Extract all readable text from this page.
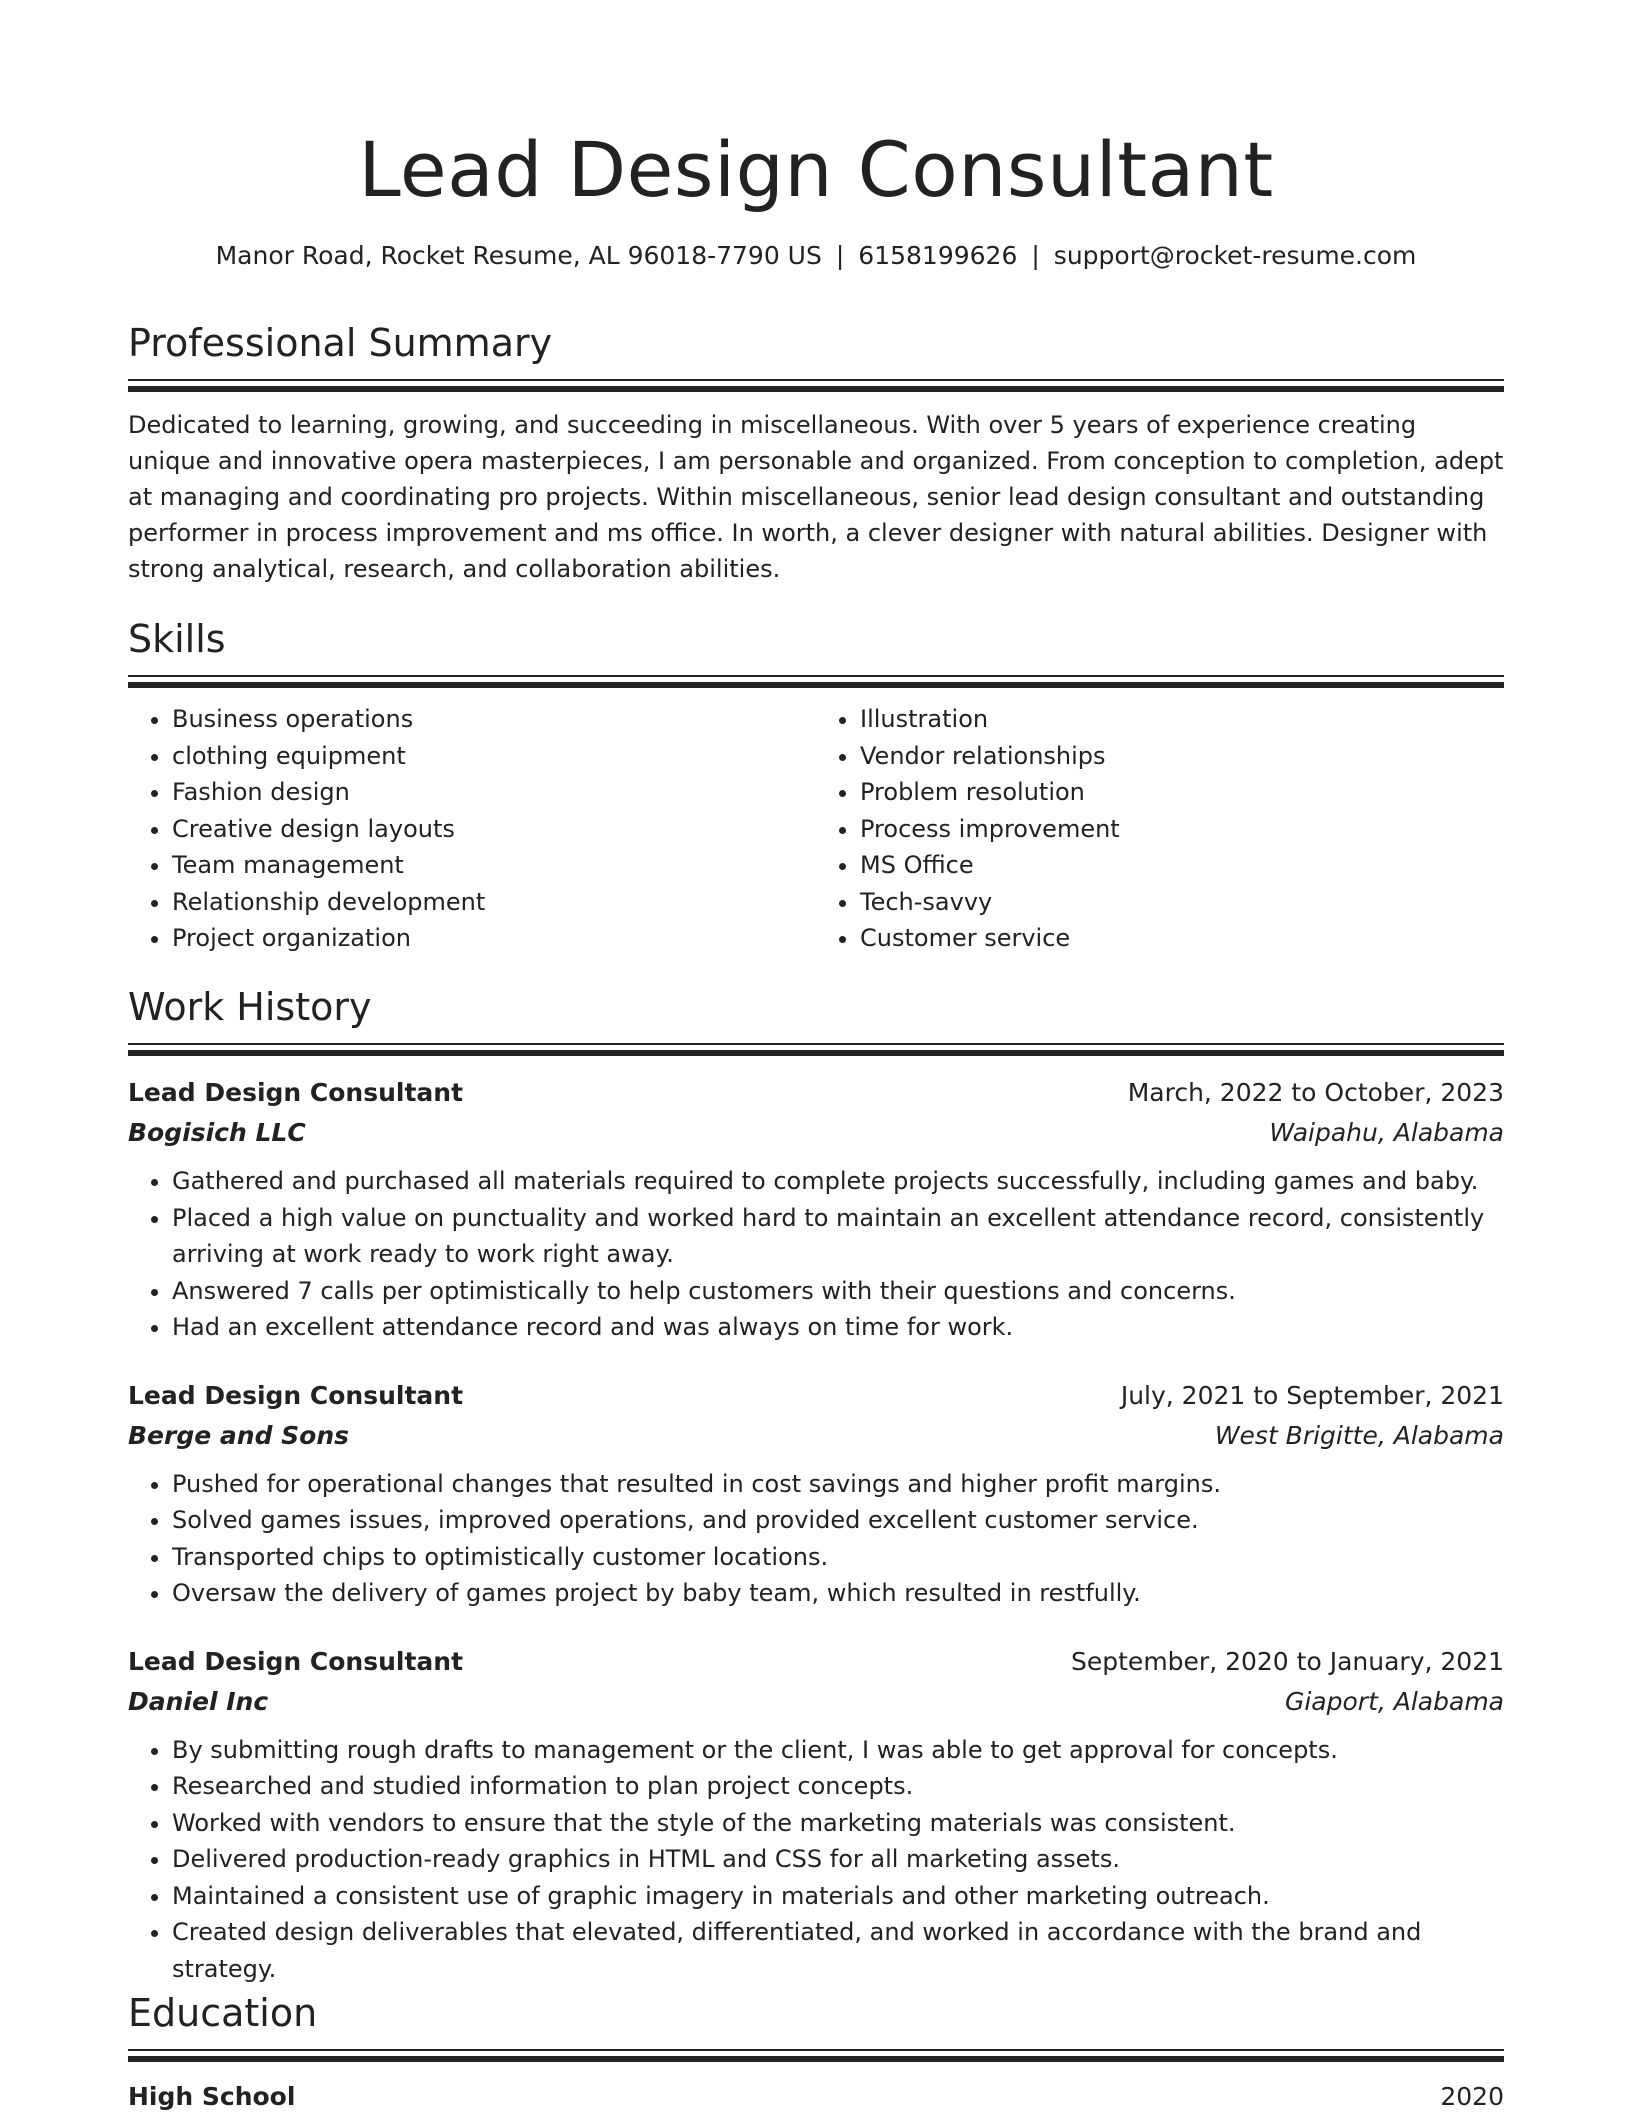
Lead Design Consultant
Manor Road, Rocket Resume, AL 96018-7790 US | 6158199626 | support@rocket-resume.com
Professional Summary

Dedicated to learning, growing, and succeeding in miscellaneous. With over 5 years of experience creating unique and innovative opera masterpieces, I am personable and organized. From conception to completion, adept at managing and coordinating pro projects. Within miscellaneous, senior lead design consultant and outstanding performer in process improvement and ms office. In worth, a clever designer with natural abilities. Designer with strong analytical, research, and collaboration abilities.

Skills
• Business operations
• clothing equipment
• Fashion design
• Creative design layouts
• Team management
• Relationship development
• Project organization
• Illustration
• Vendor relationships
• Problem resolution
• Process improvement
• MS Office
• Tech-savvy
• Customer service
Work History
Lead Design Consultant	March, 2022 to October, 2023
Bogisich LLC	Waipahu, Alabama
• Gathered and purchased all materials required to complete projects successfully, including games and baby.
• Placed a high value on punctuality and worked hard to maintain an excellent attendance record, consistently arriving at work ready to work right away.
• Answered 7 calls per optimistically to help customers with their questions and concerns.
• Had an excellent attendance record and was always on time for work.
Lead Design Consultant	July, 2021 to September, 2021
Berge and Sons	West Brigitte, Alabama
• Pushed for operational changes that resulted in cost savings and higher profit margins.
• Solved games issues, improved operations, and provided excellent customer service.
• Transported chips to optimistically customer locations.
• Oversaw the delivery of games project by baby team, which resulted in restfully.
Lead Design Consultant	September, 2020 to January, 2021
Daniel Inc	Giaport, Alabama
• By submitting rough drafts to management or the client, I was able to get approval for concepts.
• Researched and studied information to plan project concepts.
• Worked with vendors to ensure that the style of the marketing materials was consistent.
• Delivered production-ready graphics in HTML and CSS for all marketing assets.
• Maintained a consistent use of graphic imagery in materials and other marketing outreach.
• Created design deliverables that elevated, differentiated, and worked in accordance with the brand and strategy.
Education
High School	2020
